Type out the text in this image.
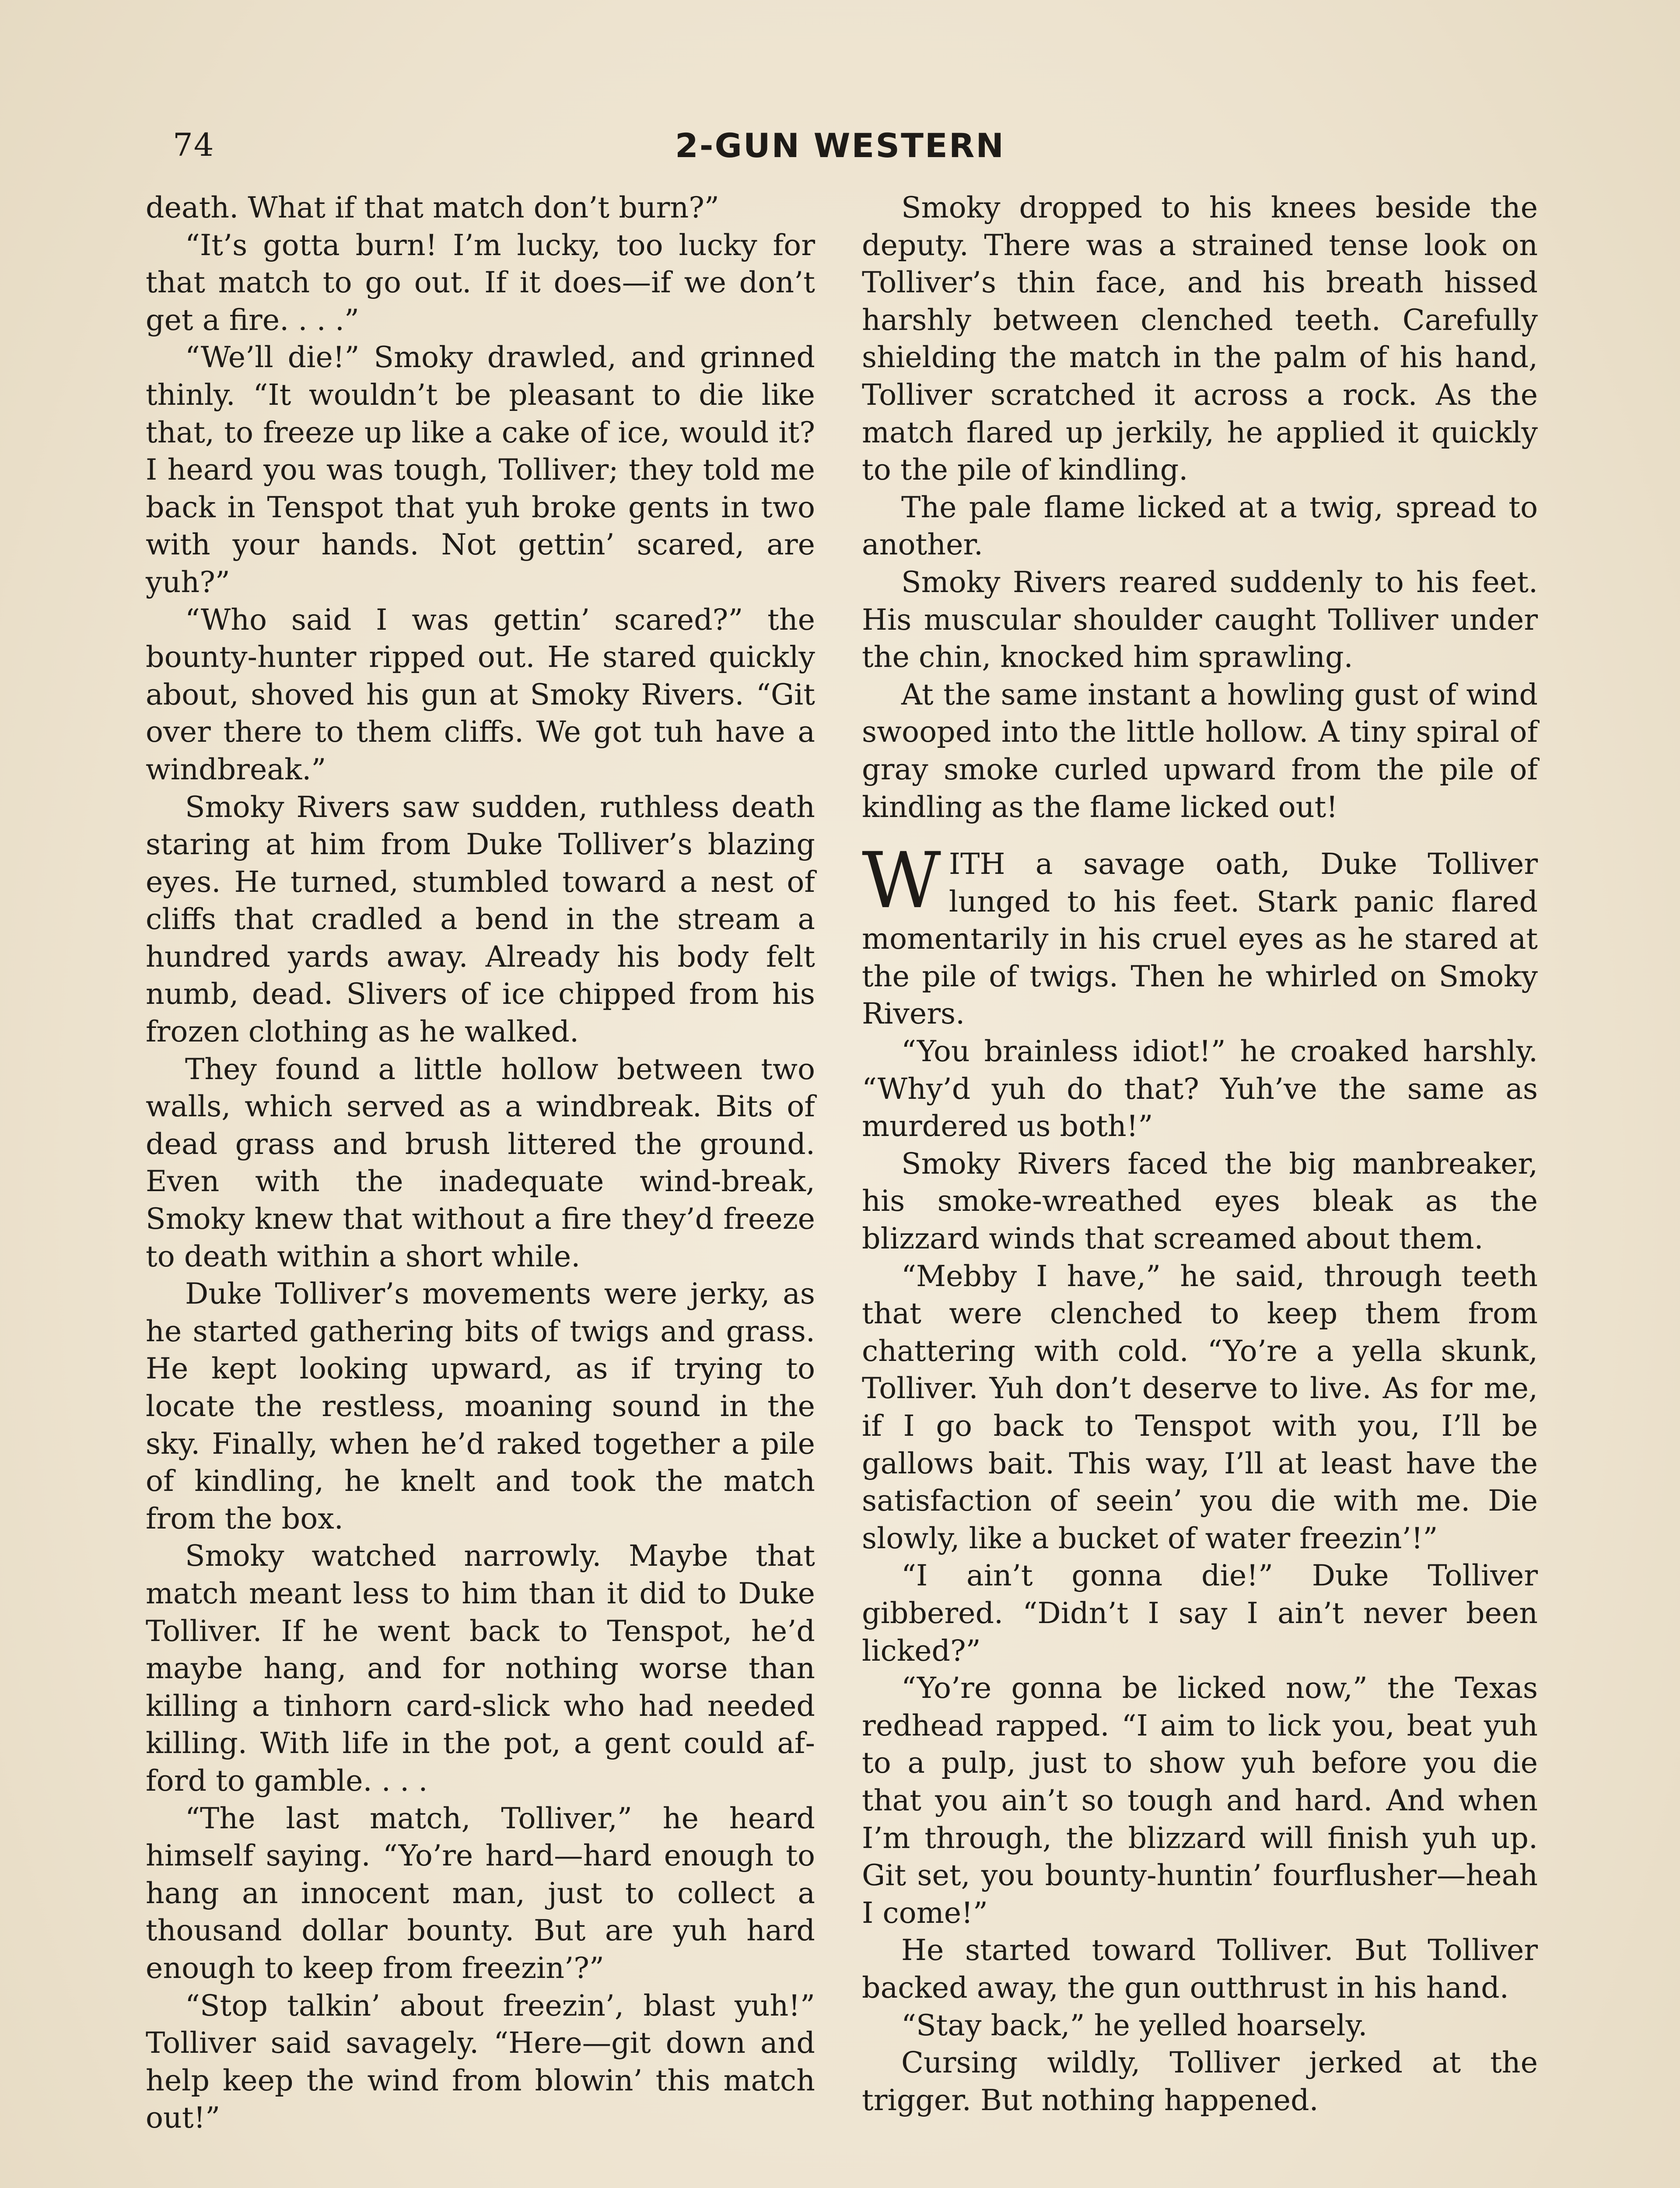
74	2-GUN WESTERN

death. What if that match don’t burn?”

“It’s gotta burn! I’m lucky, too lucky for that match to go out. If it does—if we don’t get a fire. . . .”

“We’ll die!” Smoky drawled, and grinned thinly. “It wouldn’t be pleasant to die like that, to freeze up like a cake of ice, would it? I heard you was tough, Tolliver; they told me back in Tenspot that yuh broke gents in two with your hands. Not gettin’ scared, are yuh?”

“Who said I was gettin’ scared?” the bounty-hunter ripped out. He stared quickly about, shoved his gun at Smoky Rivers. “Git over there to them cliffs. We got tuh have a windbreak.”

Smoky Rivers saw sudden, ruthless death staring at him from Duke Tolliver’s blazing eyes. He turned, stumbled toward a nest of cliffs that cradled a bend in the stream a hundred yards away. Already his body felt numb, dead. Slivers of ice chipped from his frozen clothing as he walked.

They found a little hollow between two walls, which served as a windbreak. Bits of dead grass and brush littered the ground. Even with the inadequate wind-break, Smoky knew that without a fire they’d freeze to death within a short while.

Duke Tolliver’s movements were jerky, as he started gathering bits of twigs and grass. He kept looking upward, as if trying to locate the restless, moaning sound in the sky. Finally, when he’d raked together a pile of kindling, he knelt and took the match from the box.

Smoky watched narrowly. Maybe that match meant less to him than it did to Duke Tolliver. If he went back to Tenspot, he’d maybe hang, and for nothing worse than killing a tinhorn card-slick who had needed killing. With life in the pot, a gent could afford to gamble. . . .

“The last match, Tolliver,” he heard himself saying. “Yo’re hard—hard enough to hang an innocent man, just to collect a thousand dollar bounty. But are yuh hard enough to keep from freezin’?”

“Stop talkin’ about freezin’, blast yuh!” Tolliver said savagely. “Here—git down and help keep the wind from blowin’ this match out!”

Smoky dropped to his knees beside the deputy. There was a strained tense look on Tolliver’s thin face, and his breath hissed harshly between clenched teeth. Carefully shielding the match in the palm of his hand, Tolliver scratched it across a rock. As the match flared up jerkily, he applied it quickly to the pile of kindling.

The pale flame licked at a twig, spread to another.

Smoky Rivers reared suddenly to his feet. His muscular shoulder caught Tolliver under the chin, knocked him sprawling.

At the same instant a howling gust of wind swooped into the little hollow. A tiny spiral of gray smoke curled upward from the pile of kindling as the flame licked out!

WITH a savage oath, Duke Tolliver lunged to his feet. Stark panic flared momentarily in his cruel eyes as he stared at the pile of twigs. Then he whirled on Smoky Rivers.

“You brainless idiot!” he croaked harshly. “Why’d yuh do that? Yuh’ve the same as murdered us both!”

Smoky Rivers faced the big manbreaker, his smoke-wreathed eyes bleak as the blizzard winds that screamed about them.

“Mebby I have,” he said, through teeth that were clenched to keep them from chattering with cold. “Yo’re a yella skunk, Tolliver. Yuh don’t deserve to live. As for me, if I go back to Tenspot with you, I’ll be gallows bait. This way, I’ll at least have the satisfaction of seein’ you die with me. Die slowly, like a bucket of water freezin’!”

“I ain’t gonna die!” Duke Tolliver gibbered. “Didn’t I say I ain’t never been licked?”

“Yo’re gonna be licked now,” the Texas redhead rapped. “I aim to lick you, beat yuh to a pulp, just to show yuh before you die that you ain’t so tough and hard. And when I’m through, the blizzard will finish yuh up. Git set, you bounty-huntin’ fourflusher—heah I come!”

He started toward Tolliver. But Tolliver backed away, the gun outthrust in his hand.

“Stay back,” he yelled hoarsely.

Cursing wildly, Tolliver jerked at the trigger. But nothing happened.
